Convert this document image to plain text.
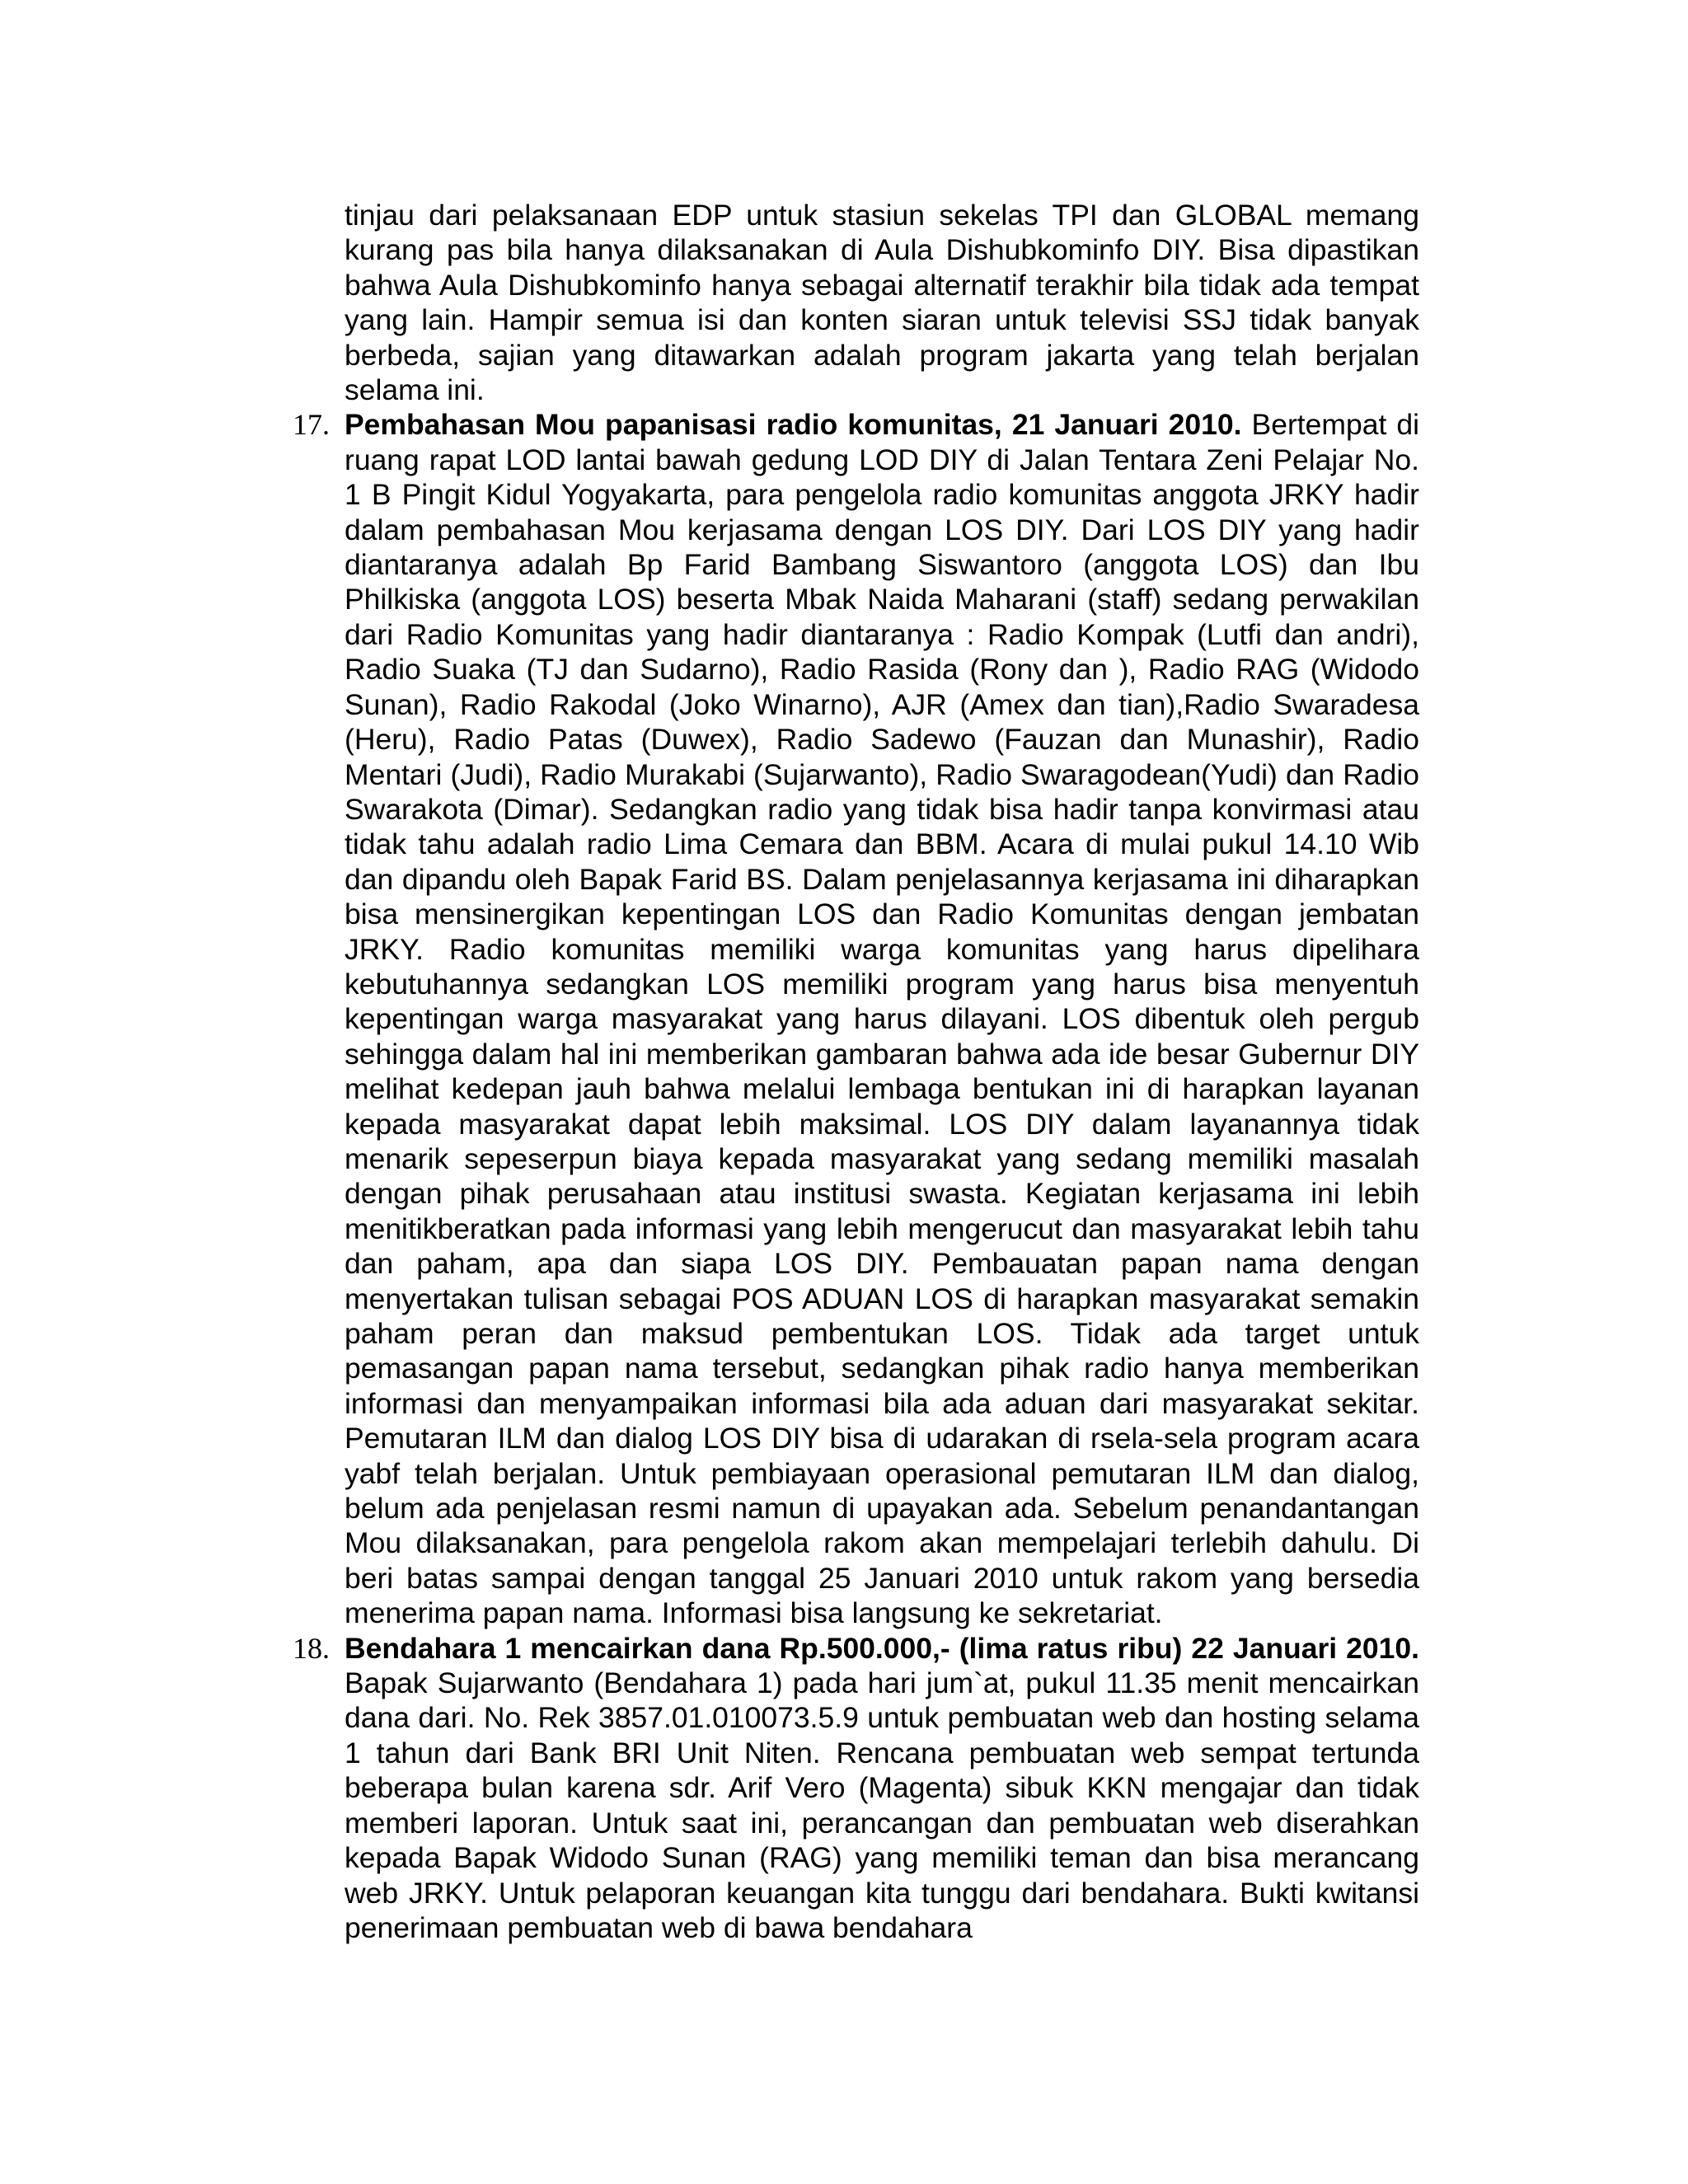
tinjau dari pelaksanaan EDP untuk stasiun sekelas TPI dan GLOBAL memang kurang pas bila hanya dilaksanakan di Aula Dishubkominfo DIY. Bisa dipastikan bahwa Aula Dishubkominfo hanya sebagai alternatif terakhir bila tidak ada tempat yang lain. Hampir semua isi dan konten siaran untuk televisi SSJ tidak banyak berbeda, sajian yang ditawarkan adalah program jakarta yang telah berjalan selama ini.

17. Pembahasan Mou papanisasi radio komunitas, 21 Januari 2010. Bertempat di ruang rapat LOD lantai bawah gedung LOD DIY di Jalan Tentara Zeni Pelajar No. 1 B Pingit Kidul Yogyakarta, para pengelola radio komunitas anggota JRKY hadir dalam pembahasan Mou kerjasama dengan LOS DIY. Dari LOS DIY yang hadir diantaranya adalah Bp Farid Bambang Siswantoro (anggota LOS) dan Ibu Philkiska (anggota LOS) beserta Mbak Naida Maharani (staff) sedang perwakilan dari Radio Komunitas yang hadir diantaranya : Radio Kompak (Lutfi dan andri), Radio Suaka (TJ dan Sudarno), Radio Rasida (Rony dan ), Radio RAG (Widodo Sunan), Radio Rakodal (Joko Winarno), AJR (Amex dan tian),Radio Swaradesa (Heru), Radio Patas (Duwex), Radio Sadewo (Fauzan dan Munashir), Radio Mentari (Judi), Radio Murakabi (Sujarwanto), Radio Swaragodean(Yudi) dan Radio Swarakota (Dimar). Sedangkan radio yang tidak bisa hadir tanpa konvirmasi atau tidak tahu adalah radio Lima Cemara dan BBM. Acara di mulai pukul 14.10 Wib dan dipandu oleh Bapak Farid BS. Dalam penjelasannya kerjasama ini diharapkan bisa mensinergikan kepentingan LOS dan Radio Komunitas dengan jembatan JRKY. Radio komunitas memiliki warga komunitas yang harus dipelihara kebutuhannya sedangkan LOS memiliki program yang harus bisa menyentuh kepentingan warga masyarakat yang harus dilayani. LOS dibentuk oleh pergub sehingga dalam hal ini memberikan gambaran bahwa ada ide besar Gubernur DIY melihat kedepan jauh bahwa melalui lembaga bentukan ini di harapkan layanan kepada masyarakat dapat lebih maksimal. LOS DIY dalam layanannya tidak menarik sepeserpun biaya kepada masyarakat yang sedang memiliki masalah dengan pihak perusahaan atau institusi swasta. Kegiatan kerjasama ini lebih menitikberatkan pada informasi yang lebih mengerucut dan masyarakat lebih tahu dan paham, apa dan siapa LOS DIY. Pembauatan papan nama dengan menyertakan tulisan sebagai POS ADUAN LOS di harapkan masyarakat semakin paham peran dan maksud pembentukan LOS. Tidak ada target untuk pemasangan papan nama tersebut, sedangkan pihak radio hanya memberikan informasi dan menyampaikan informasi bila ada aduan dari masyarakat sekitar. Pemutaran ILM dan dialog LOS DIY bisa di udarakan di rsela-sela program acara yabf telah berjalan. Untuk pembiayaan operasional pemutaran ILM dan dialog, belum ada penjelasan resmi namun di upayakan ada. Sebelum penandantangan Mou dilaksanakan, para pengelola rakom akan mempelajari terlebih dahulu. Di beri batas sampai dengan tanggal 25 Januari 2010 untuk rakom yang bersedia menerima papan nama. Informasi bisa langsung ke sekretariat.

18. Bendahara 1 mencairkan dana Rp.500.000,- (lima ratus ribu) 22 Januari 2010. Bapak Sujarwanto (Bendahara 1) pada hari jum`at, pukul 11.35 menit mencairkan dana dari. No. Rek 3857.01.010073.5.9 untuk pembuatan web dan hosting selama 1 tahun dari Bank BRI Unit Niten. Rencana pembuatan web sempat tertunda beberapa bulan karena sdr. Arif Vero (Magenta) sibuk KKN mengajar dan tidak memberi laporan. Untuk saat ini, perancangan dan pembuatan web diserahkan kepada Bapak Widodo Sunan (RAG) yang memiliki teman dan bisa merancang web JRKY. Untuk pelaporan keuangan kita tunggu dari bendahara. Bukti kwitansi penerimaan pembuatan web di bawa bendahara
